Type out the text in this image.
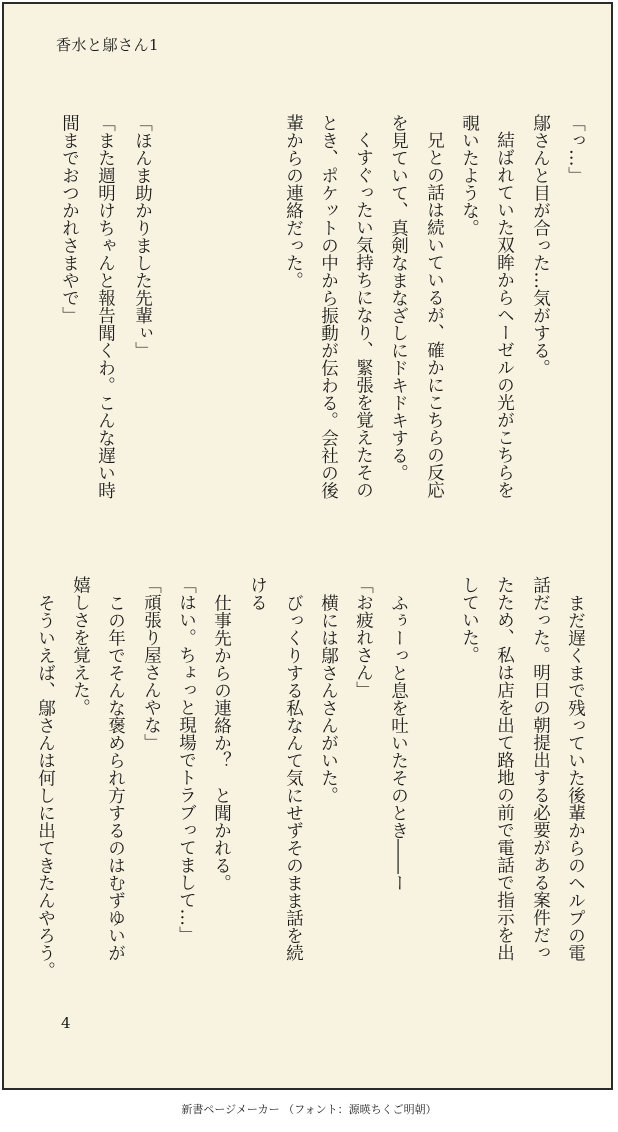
香水と鄔さん1
「っ…」
鄔さんと目が合った…気がする。
結ばれていた双眸からヘーゼルの光がこちらを
覗いたような。
兄との話は続いているが、確かにこちらの反応
を見ていて、真剣なまなざしにドキドキする。
くすぐったい気持ちになり、緊張を覚えたその
とき、ポケットの中から振動が伝わる。会社の後
輩からの連絡だった。
「ほんま助かりました先輩ぃ」
「また週明けちゃんと報告聞くわ。こんな遅い時
間までおつかれさまやで」
まだ遅くまで残っていた後輩からのヘルプの電
話だった。明日の朝提出する必要がある案件だっ
たため、私は店を出て路地の前で電話で指示を出
していた。
ふぅーっと息を吐いたそのとき――ー
「お疲れさん」
横には鄔さんさんがいた。
びっくりする私なんて気にせずそのまま話を続
ける
仕事先からの連絡か？　と聞かれる。
「はい。ちょっと現場でトラブってまして…」
「頑張り屋さんやな」
この年でそんな褒められ方するのはむずゆいが
嬉しさを覚えた。
そういえば、鄔さんは何しに出てきたんやろう。
4
新書ページメーカー （フォント：源暎ちくご明朝）
